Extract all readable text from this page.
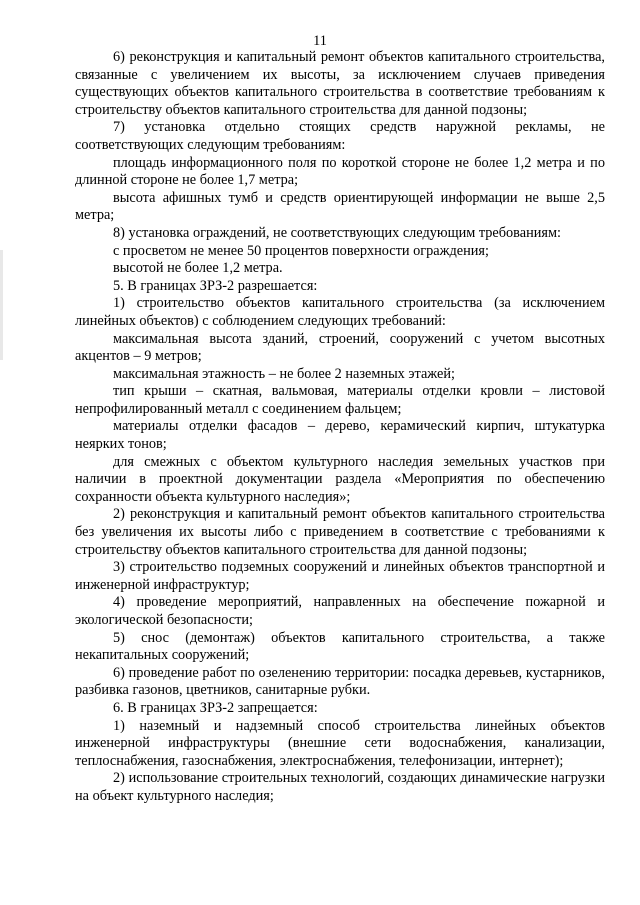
11

6) реконструкция и капитальный ремонт объектов капитального строительства, связанные с увеличением их высоты, за исключением случаев приведения существующих объектов капитального строительства в соответствие требованиям к строительству объектов капитального строительства для данной подзоны;

7) установка отдельно стоящих средств наружной рекламы, не соответствующих следующим требованиям:

площадь информационного поля по короткой стороне не более 1,2 метра и по длинной стороне не более 1,7 метра;

высота афишных тумб и средств ориентирующей информации не выше 2,5 метра;

8) установка ограждений, не соответствующих следующим требованиям:

с просветом не менее 50 процентов поверхности ограждения;

высотой не более 1,2 метра.

5. В границах ЗРЗ-2 разрешается:

1) строительство объектов капитального строительства (за исключением линейных объектов) с соблюдением следующих требований:

максимальная высота зданий, строений, сооружений с учетом высотных акцентов – 9 метров;

максимальная этажность – не более 2 наземных этажей;

тип крыши – скатная, вальмовая, материалы отделки кровли – листовой непрофилированный металл с соединением фальцем;

материалы отделки фасадов – дерево, керамический кирпич, штукатурка неярких тонов;

для смежных с объектом культурного наследия земельных участков при наличии в проектной документации раздела «Мероприятия по обеспечению сохранности объекта культурного наследия»;

2) реконструкция и капитальный ремонт объектов капитального строительства без увеличения их высоты либо с приведением в соответствие с требованиями к строительству объектов капитального строительства для данной подзоны;

3) строительство подземных сооружений и линейных объектов транспортной и инженерной инфраструктур;

4) проведение мероприятий, направленных на обеспечение пожарной и экологической безопасности;

5) снос (демонтаж) объектов капитального строительства, а также некапитальных сооружений;

6) проведение работ по озеленению территории: посадка деревьев, кустарников, разбивка газонов, цветников, санитарные рубки.

6. В границах ЗРЗ-2 запрещается:

1) наземный и надземный способ строительства линейных объектов инженерной инфраструктуры (внешние сети водоснабжения, канализации, теплоснабжения, газоснабжения, электроснабжения, телефонизации, интернет);

2) использование строительных технологий, создающих динамические нагрузки на объект культурного наследия;
